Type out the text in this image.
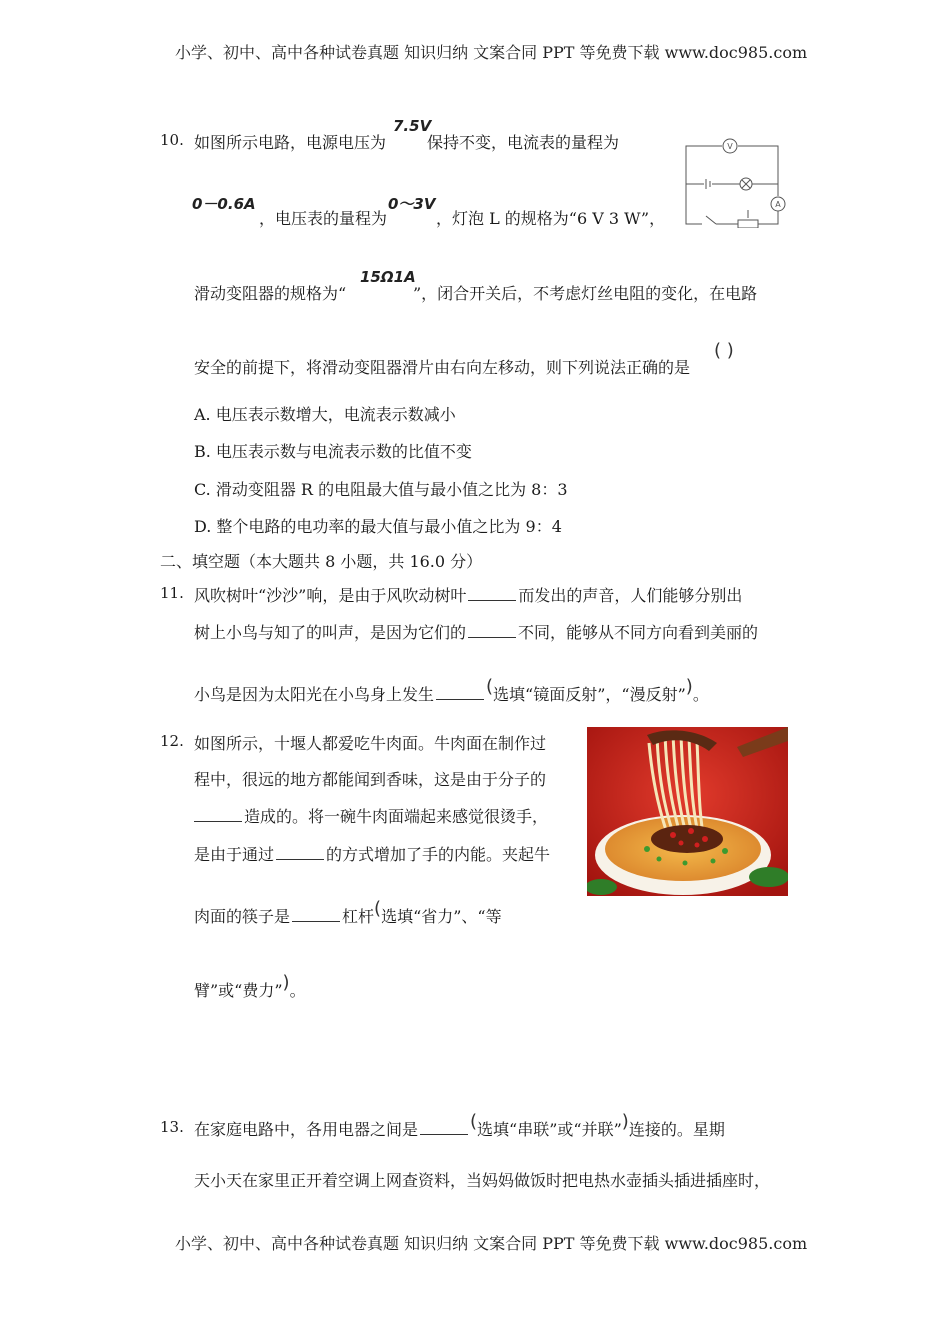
小学、初中、高中各种试卷真题 知识归纳 文案合同 PPT 等免费下载 www.doc985.com
10. 如图所示电路，电源电压为
7.5V
保持不变，电流表的量程为	V
A
0－0.6A
，电压表的量程为
0～3V
，灯泡 L 的规格为“6 V 3 W”，
滑动变阻器的规格为“
15Ω1A
”，闭合开关后，不考虑灯丝电阻的变化，在电路
安全的前提下，将滑动变阻器滑片由右向左移动，则下列说法正确的是
( )
A. 电压表示数增大，电流表示数减小
B. 电压表示数与电流表示数的比值不变
C. 滑动变阻器 R 的电阻最大值与最小值之比为 8：3
D. 整个电路的电功率的最大值与最小值之比为 9：4
二、填空题（本大题共 8 小题，共 16.0 分）
11. 风吹树叶“沙沙”响，是由于风吹动树叶	而发出的声音，人们能够分别出
树上小鸟与知了的叫声，是因为它们的	不同，能够从不同方向看到美丽的
小鸟是因为太阳光在小鸟身上发生	(选填“镜面反射”，“漫反射”)。
12. 如图所示，十堰人都爱吃牛肉面。牛肉面在制作过
程中，很远的地方都能闻到香味，这是由于分子的
造成的。将一碗牛肉面端起来感觉很烫手，
是由于通过	的方式增加了手的内能。夹起牛
肉面的筷子是	杠杆(选填“省力”、“等
臂”或“费力”)。
13. 在家庭电路中，各用电器之间是	(选填“串联”或“并联”)连接的。星期
天小天在家里正开着空调上网查资料，当妈妈做饭时把电热水壶插头插进插座时，
小学、初中、高中各种试卷真题 知识归纳 文案合同 PPT 等免费下载 www.doc985.com
